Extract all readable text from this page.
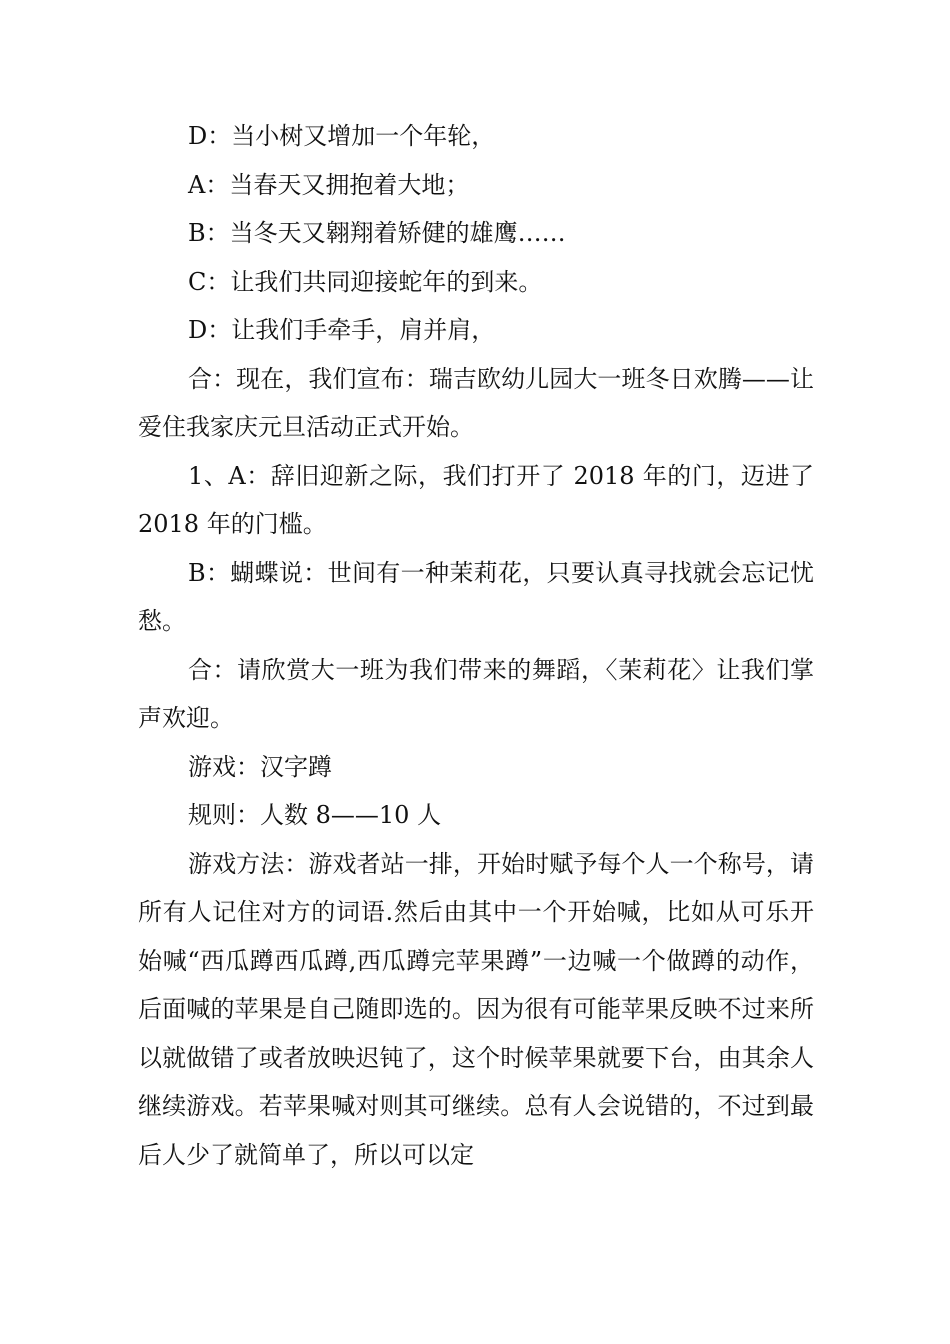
D：当小树又增加一个年轮，

A：当春天又拥抱着大地；

B：当冬天又翱翔着矫健的雄鹰……

C：让我们共同迎接蛇年的到来。

D：让我们手牵手，肩并肩，

合：现在，我们宣布：瑞吉欧幼儿园大一班冬日欢腾——让爱住我家庆元旦活动正式开始。

1、A：辞旧迎新之际，我们打开了 2018 年的门，迈进了 2018 年的门槛。

B：蝴蝶说：世间有一种茉莉花，只要认真寻找就会忘记忧愁。

合：请欣赏大一班为我们带来的舞蹈，〈茉莉花〉让我们掌声欢迎。

游戏：汉字蹲

规则：人数 8——10 人

游戏方法：游戏者站一排，开始时赋予每个人一个称号，请所有人记住对方的词语.然后由其中一个开始喊，比如从可乐开始喊“西瓜蹲西瓜蹲,西瓜蹲完苹果蹲”一边喊一个做蹲的动作，后面喊的苹果是自己随即选的。因为很有可能苹果反映不过来所以就做错了或者放映迟钝了，这个时候苹果就要下台，由其余人继续游戏。若苹果喊对则其可继续。总有人会说错的，不过到最后人少了就简单了，所以可以定
